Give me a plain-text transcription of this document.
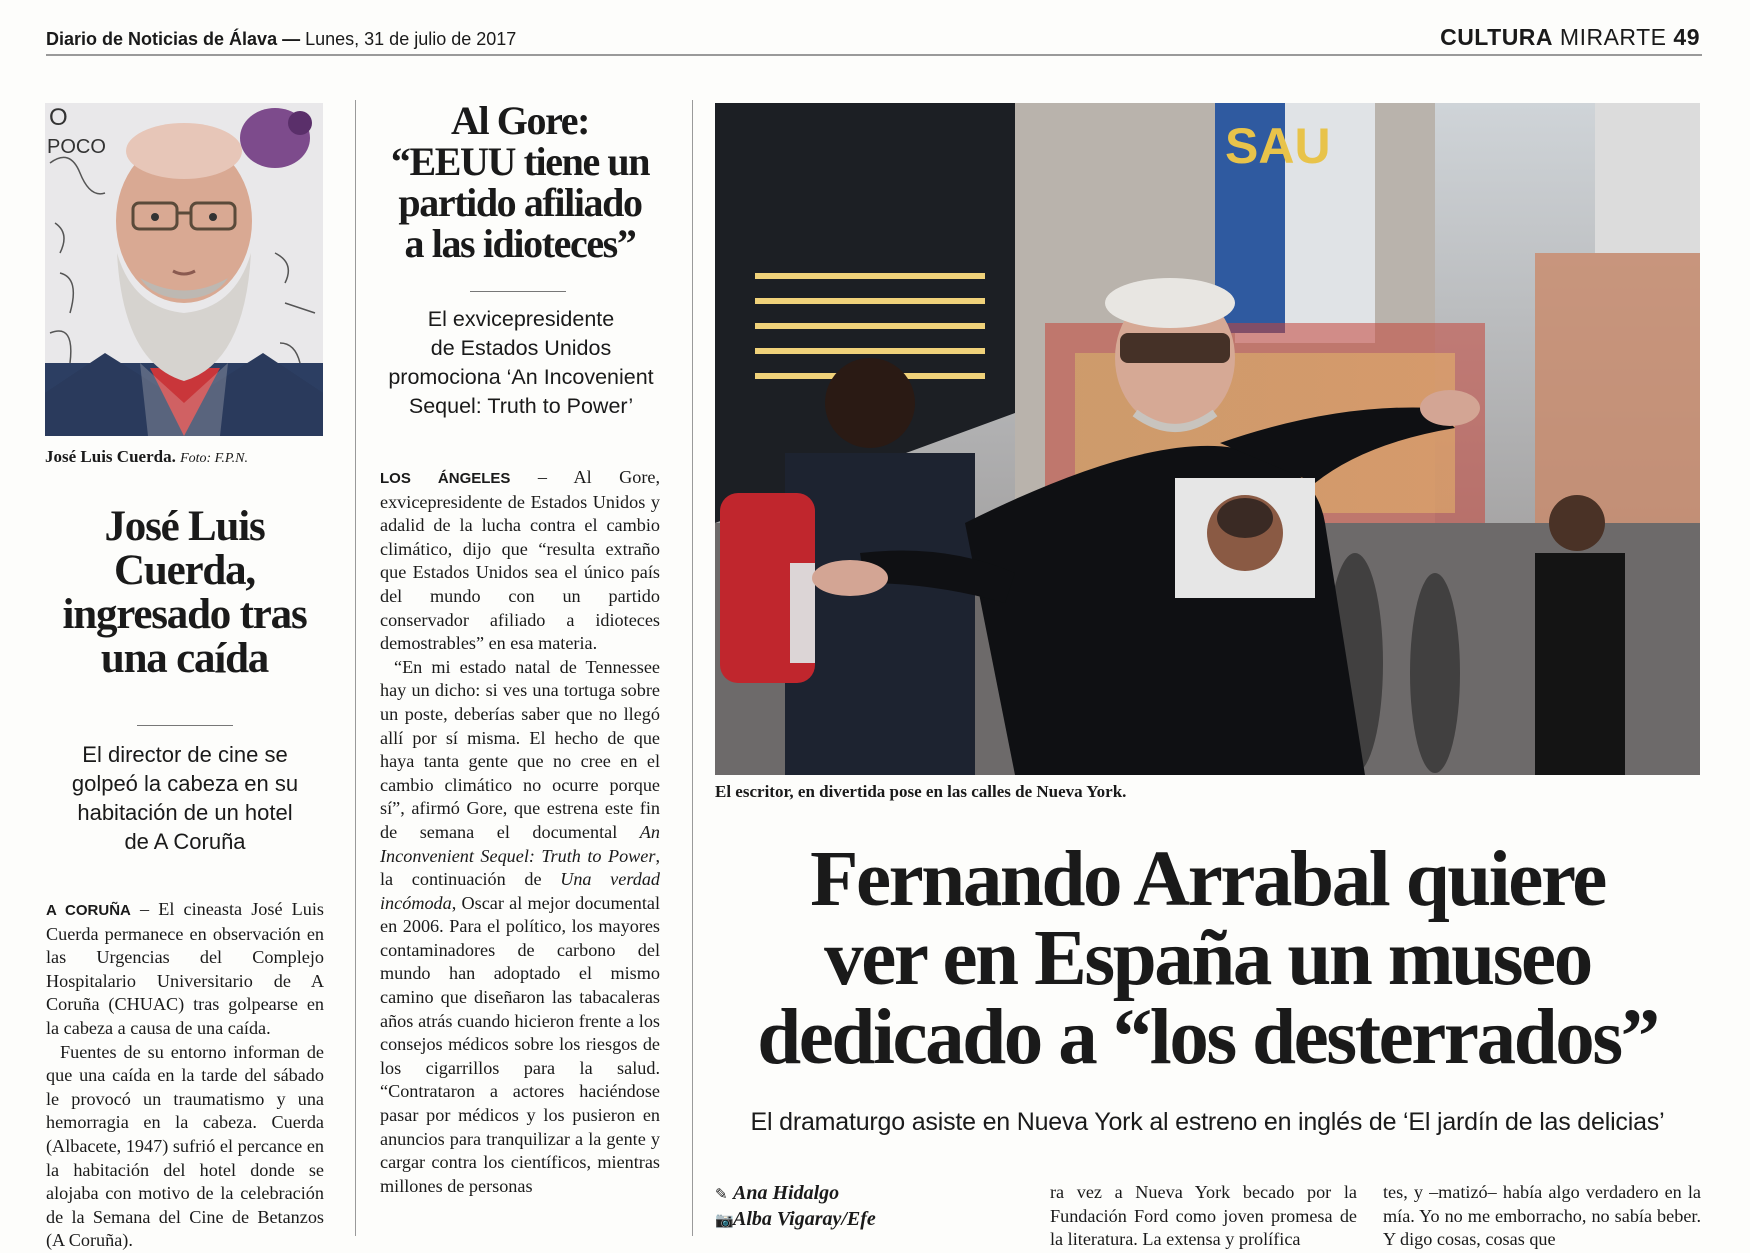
Diario de Noticias de Álava — Lunes, 31 de julio de 2017	CULTURA MIRARTE 49
O
POCO
José Luis Cuerda. Foto: F.P.N.
José Luis
Cuerda,
ingresado tras
una caída
El director de cine se
golpeó la cabeza en su
habitación de un hotel
de A Coruña

A CORUÑA – El cineasta José Luis Cuerda permanece en observación en las Urgencias del Complejo Hospitalario Universitario de A Coruña (CHUAC) tras golpearse en la cabeza a causa de una caída.

Fuentes de su entorno informan de que una caída en la tarde del sábado le provocó un traumatismo y una hemorragia en la cabeza. Cuerda (Albacete, 1947) sufrió el percance en la habitación del hotel donde se alojaba con motivo de la celebración de la Semana del Cine de Betanzos (A Coruña).

Al Gore:
“EEUU tiene un
partido afiliado
a las idioteces”
El exvicepresidente
de Estados Unidos
promociona ‘An Incovenient
Sequel: Truth to Power’

LOS ÁNGELES – Al Gore, exvicepresidente de Estados Unidos y adalid de la lucha contra el cambio climático, dijo que “resulta extraño que Estados Unidos sea el único país del mundo con un partido conservador afiliado a idioteces demostrables” en esa materia.

“En mi estado natal de Tennessee hay un dicho: si ves una tortuga sobre un poste, deberías saber que no llegó allí por sí misma. El hecho de que haya tanta gente que no cree en el cambio climático no ocurre porque sí”, afirmó Gore, que estrena este fin de semana el documental An Inconvenient Sequel: Truth to Power, la continuación de Una verdad incómoda, Oscar al mejor documental en 2006. Para el político, los mayores contaminadores de carbono del mundo han adoptado el mismo camino que diseñaron las tabacaleras años atrás cuando hicieron frente a los consejos médicos sobre los riesgos de los cigarrillos para la salud. “Contrataron a actores haciéndose pasar por médicos y los pusieron en anuncios para tranquilizar a la gente y cargar contra los científicos, mientras millones de personas

SAU
El escritor, en divertida pose en las calles de Nueva York.
Fernando Arrabal quiere
ver en España un museo
dedicado a “los desterrados”
El dramaturgo asiste en Nueva York al estreno en inglés de ‘El jardín de las delicias’
✎ Ana Hidalgo
📷Alba Vigaray/Efe

ra vez a Nueva York becado por la Fundación Ford como joven promesa de la literatura. La extensa y prolífica

tes, y –matizó– había algo verdadero en la mía. Yo no me emborracho, no sabía beber. Y digo cosas, cosas que
